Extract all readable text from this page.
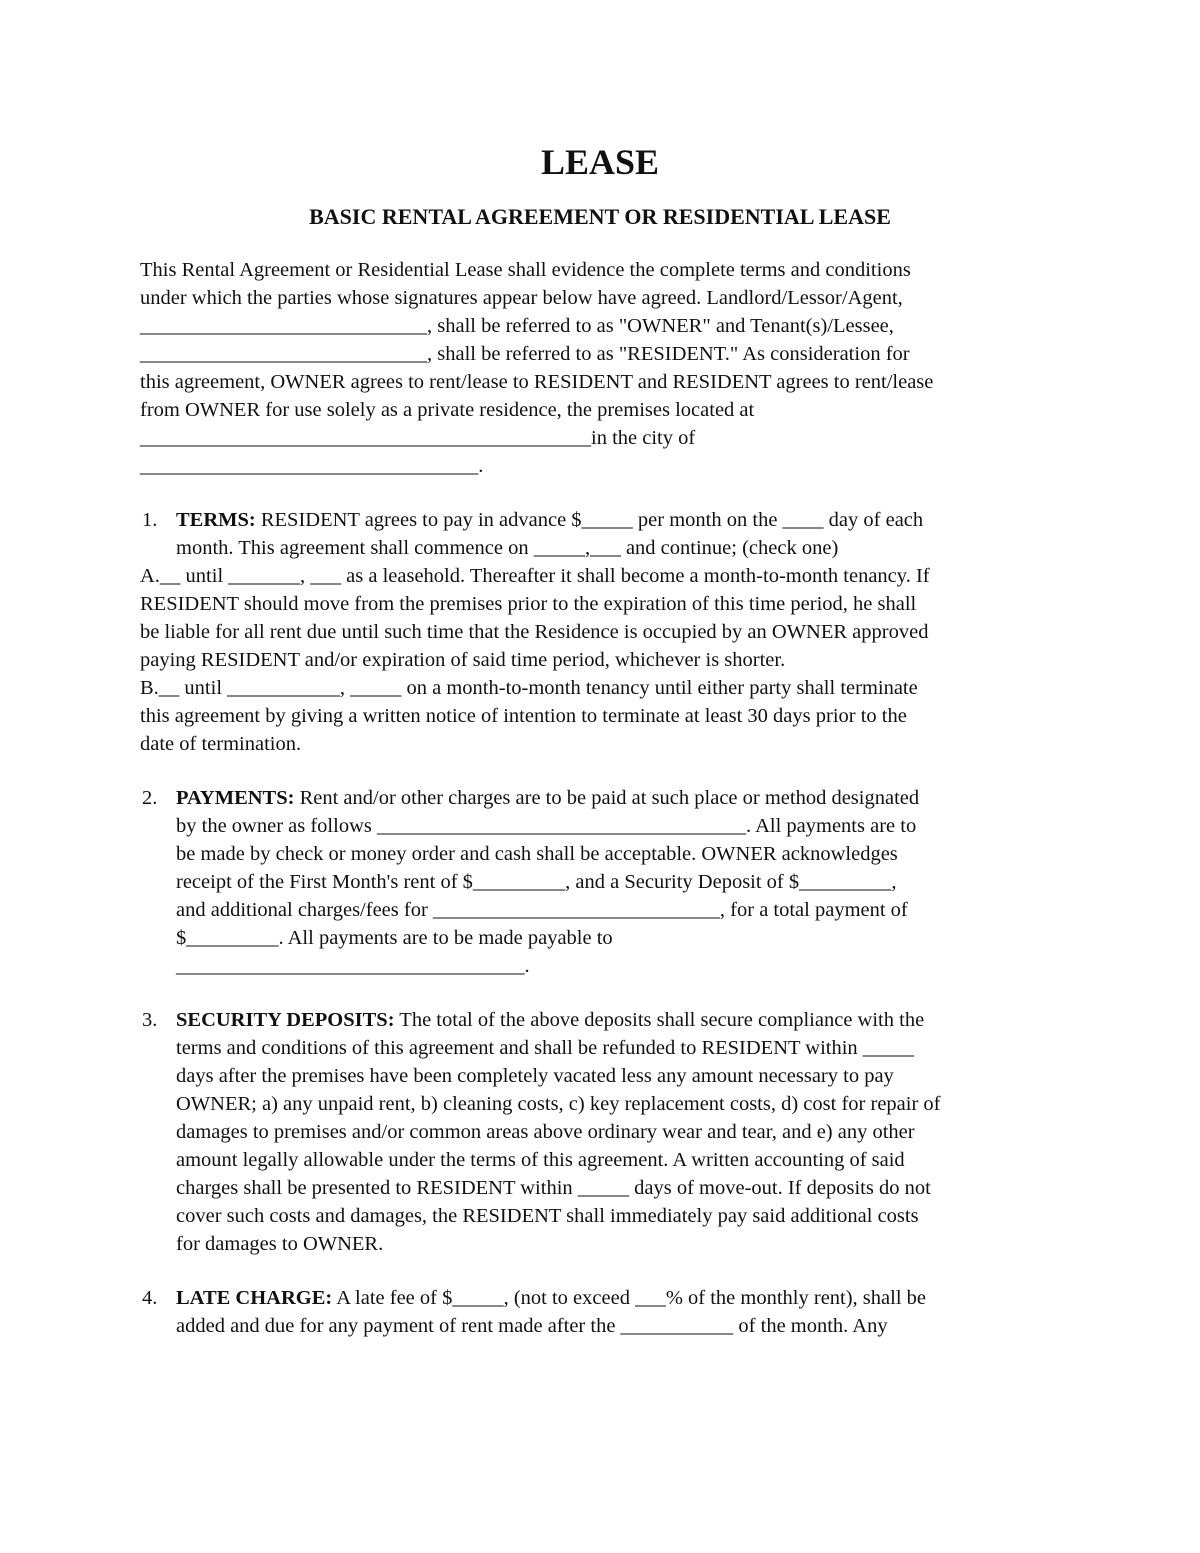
LEASE
BASIC RENTAL AGREEMENT OR RESIDENTIAL LEASE

This Rental Agreement or Residential Lease shall evidence the complete terms and conditions

under which the parties whose signatures appear below have agreed. Landlord/Lessor/Agent,

____________________________, shall be referred to as "OWNER" and Tenant(s)/Lessee,

____________________________, shall be referred to as "RESIDENT." As consideration for

this agreement, OWNER agrees to rent/lease to RESIDENT and RESIDENT agrees to rent/lease

from OWNER for use solely as a private residence, the premises located at

____________________________________________in the city of

_________________________________.

1. TERMS: RESIDENT agrees to pay in advance $_____ per month on the ____ day of each

month. This agreement shall commence on _____,___ and continue; (check one)

A.__ until _______, ___ as a leasehold. Thereafter it shall become a month-to-month tenancy. If

RESIDENT should move from the premises prior to the expiration of this time period, he shall

be liable for all rent due until such time that the Residence is occupied by an OWNER approved

paying RESIDENT and/or expiration of said time period, whichever is shorter.

B.__ until ___________, _____ on a month-to-month tenancy until either party shall terminate

this agreement by giving a written notice of intention to terminate at least 30 days prior to the

date of termination.

2. PAYMENTS: Rent and/or other charges are to be paid at such place or method designated

by the owner as follows ____________________________________. All payments are to

be made by check or money order and cash shall be acceptable. OWNER acknowledges

receipt of the First Month's rent of $_________, and a Security Deposit of $_________,

and additional charges/fees for ____________________________, for a total payment of

$_________. All payments are to be made payable to

__________________________________.

3. SECURITY DEPOSITS: The total of the above deposits shall secure compliance with the

terms and conditions of this agreement and shall be refunded to RESIDENT within _____

days after the premises have been completely vacated less any amount necessary to pay

OWNER; a) any unpaid rent, b) cleaning costs, c) key replacement costs, d) cost for repair of

damages to premises and/or common areas above ordinary wear and tear, and e) any other

amount legally allowable under the terms of this agreement. A written accounting of said

charges shall be presented to RESIDENT within _____ days of move-out. If deposits do not

cover such costs and damages, the RESIDENT shall immediately pay said additional costs

for damages to OWNER.

4. LATE CHARGE: A late fee of $_____, (not to exceed ___% of the monthly rent), shall be

added and due for any payment of rent made after the ___________ of the month. Any
